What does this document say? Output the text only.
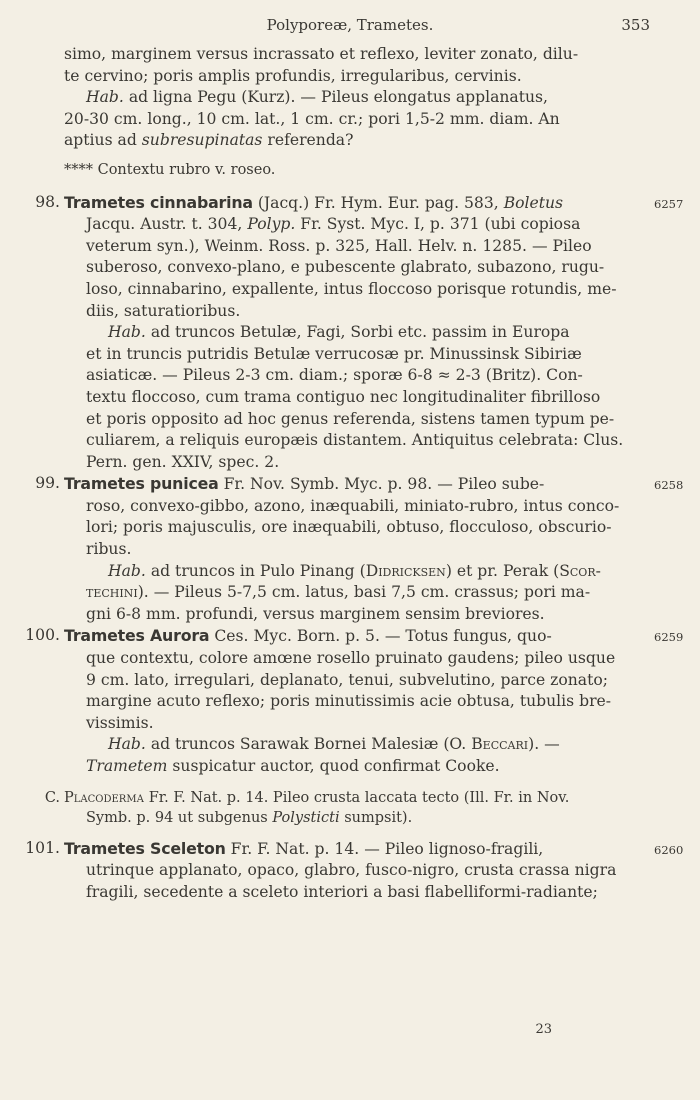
Polyporeæ, Trametes.	353

simo, marginem versus incrassato et reflexo, leviter zonato, dilu-

te cervino; poris amplis profundis, irregularibus, cervinis.

Hab. ad ligna Pegu (Kurz). — Pileus elongatus applanatus,

20-30 cm. long., 10 cm. lat., 1 cm. cr.; pori 1,5-2 mm. diam. An

aptius ad subresupinatas referenda?

**** Contextu rubro v. roseo.

98. Trametes cinnabarina (Jacq.) Fr. Hym. Eur. pag. 583, Boletus	6257

Jacqu. Austr. t. 304, Polyp. Fr. Syst. Myc. I, p. 371 (ubi copiosa

veterum syn.), Weinm. Ross. p. 325, Hall. Helv. n. 1285. — Pileo

suberoso, convexo-plano, e pubescente glabrato, subazono, rugu-

loso, cinnabarino, expallente, intus floccoso porisque rotundis, me-

diis, saturatioribus.

Hab. ad truncos Betulæ, Fagi, Sorbi etc. passim in Europa

et in truncis putridis Betulæ verrucosæ pr. Minussinsk Sibiriæ

asiaticæ. — Pileus 2-3 cm. diam.; sporæ 6-8 ≈ 2-3 (Britz). Con-

textu floccoso, cum trama contiguo nec longitudinaliter fibrilloso

et poris opposito ad hoc genus referenda, sistens tamen typum pe-

culiarem, a reliquis europæis distantem. Antiquitus celebrata: Clus.

Pern. gen. XXIV, spec. 2.

99. Trametes punicea Fr. Nov. Symb. Myc. p. 98. — Pileo sube-	6258

roso, convexo-gibbo, azono, inæquabili, miniato-rubro, intus conco-

lori; poris majusculis, ore inæquabili, obtuso, flocculoso, obscurio-

ribus.

Hab. ad truncos in Pulo Pinang (Didricksen) et pr. Perak (Scor-

techini). — Pileus 5-7,5 cm. latus, basi 7,5 cm. crassus; pori ma-

gni 6-8 mm. profundi, versus marginem sensim breviores.

100. Trametes Aurora Ces. Myc. Born. p. 5. — Totus fungus, quo-	6259

que contextu, colore amœne rosello pruinato gaudens; pileo usque

9 cm. lato, irregulari, deplanato, tenui, subvelutino, parce zonato;

margine acuto reflexo; poris minutissimis acie obtusa, tubulis bre-

vissimis.

Hab. ad truncos Sarawak Bornei Malesiæ (O. Beccari). —

Trametem suspicatur auctor, quod confirmat Cooke.

C. Placodermа Fr. F. Nat. p. 14. Pileo crusta laccata tecto (Ill. Fr. in Nov.

Symb. p. 94 ut subgenus Polysticti sumpsit).

101. Trametes Sceleton Fr. F. Nat. p. 14. — Pileo lignoso-fragili,	6260

utrinque applanato, opaco, glabro, fusco-nigro, crusta crassa nigra

fragili, secedente a sceleto interiori a basi flabelliformi-radiante;

23
